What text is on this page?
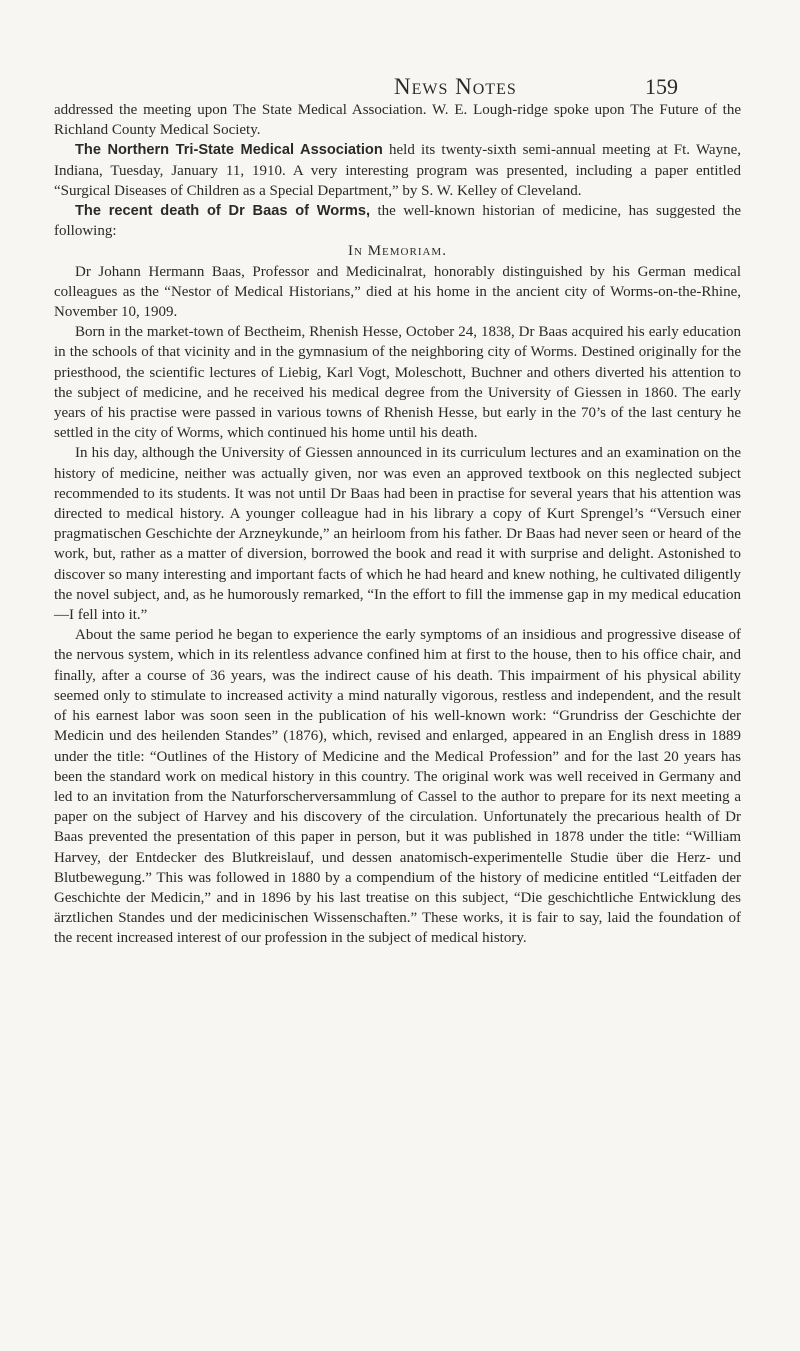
News Notes	159

addressed the meeting upon The State Medical Association. W. E. Lough-ridge spoke upon The Future of the Richland County Medical Society.

The Northern Tri-State Medical Association held its twenty-sixth semi-annual meeting at Ft. Wayne, Indiana, Tuesday, January 11, 1910. A very interesting program was presented, including a paper entitled “Surgical Diseases of Children as a Special Department,” by S. W. Kelley of Cleveland.

The recent death of Dr Baas of Worms, the well-known historian of medicine, has suggested the following:

In Memoriam.

Dr Johann Hermann Baas, Professor and Medicinalrat, honorably distinguished by his German medical colleagues as the “Nestor of Medical Historians,” died at his home in the ancient city of Worms-on-the-Rhine, November 10, 1909.

Born in the market-town of Bectheim, Rhenish Hesse, October 24, 1838, Dr Baas acquired his early education in the schools of that vicinity and in the gymnasium of the neighboring city of Worms. Destined originally for the priesthood, the scientific lectures of Liebig, Karl Vogt, Moleschott, Buchner and others diverted his attention to the subject of medicine, and he received his medical degree from the University of Giessen in 1860. The early years of his practise were passed in various towns of Rhenish Hesse, but early in the 70’s of the last century he settled in the city of Worms, which continued his home until his death.

In his day, although the University of Giessen announced in its curriculum lectures and an examination on the history of medicine, neither was actually given, nor was even an approved textbook on this neglected subject recommended to its students. It was not until Dr Baas had been in practise for several years that his attention was directed to medical history. A younger colleague had in his library a copy of Kurt Sprengel’s “Versuch einer pragmatischen Geschichte der Arzneykunde,” an heirloom from his father. Dr Baas had never seen or heard of the work, but, rather as a matter of diversion, borrowed the book and read it with surprise and delight. Astonished to discover so many interesting and important facts of which he had heard and knew nothing, he cultivated diligently the novel subject, and, as he humorously remarked, “In the effort to fill the immense gap in my medical education—I fell into it.”

About the same period he began to experience the early symptoms of an insidious and progressive disease of the nervous system, which in its relentless advance confined him at first to the house, then to his office chair, and finally, after a course of 36 years, was the indirect cause of his death. This impairment of his physical ability seemed only to stimulate to increased activity a mind naturally vigorous, restless and independent, and the result of his earnest labor was soon seen in the publication of his well-known work: “Grundriss der Geschichte der Medicin und des heilenden Standes” (1876), which, revised and enlarged, appeared in an English dress in 1889 under the title: “Outlines of the History of Medicine and the Medical Profession” and for the last 20 years has been the standard work on medical history in this country. The original work was well received in Germany and led to an invitation from the Naturforscherversammlung of Cassel to the author to prepare for its next meeting a paper on the subject of Harvey and his discovery of the circulation. Unfortunately the precarious health of Dr Baas prevented the presentation of this paper in person, but it was published in 1878 under the title: “William Harvey, der Entdecker des Blutkreislauf, und dessen anatomisch-experimentelle Studie über die Herz- und Blutbewegung.” This was followed in 1880 by a compendium of the history of medicine entitled “Leitfaden der Geschichte der Medicin,” and in 1896 by his last treatise on this subject, “Die geschichtliche Entwicklung des ärztlichen Standes und der medicinischen Wissenschaften.” These works, it is fair to say, laid the foundation of the recent increased interest of our profession in the subject of medical history.
